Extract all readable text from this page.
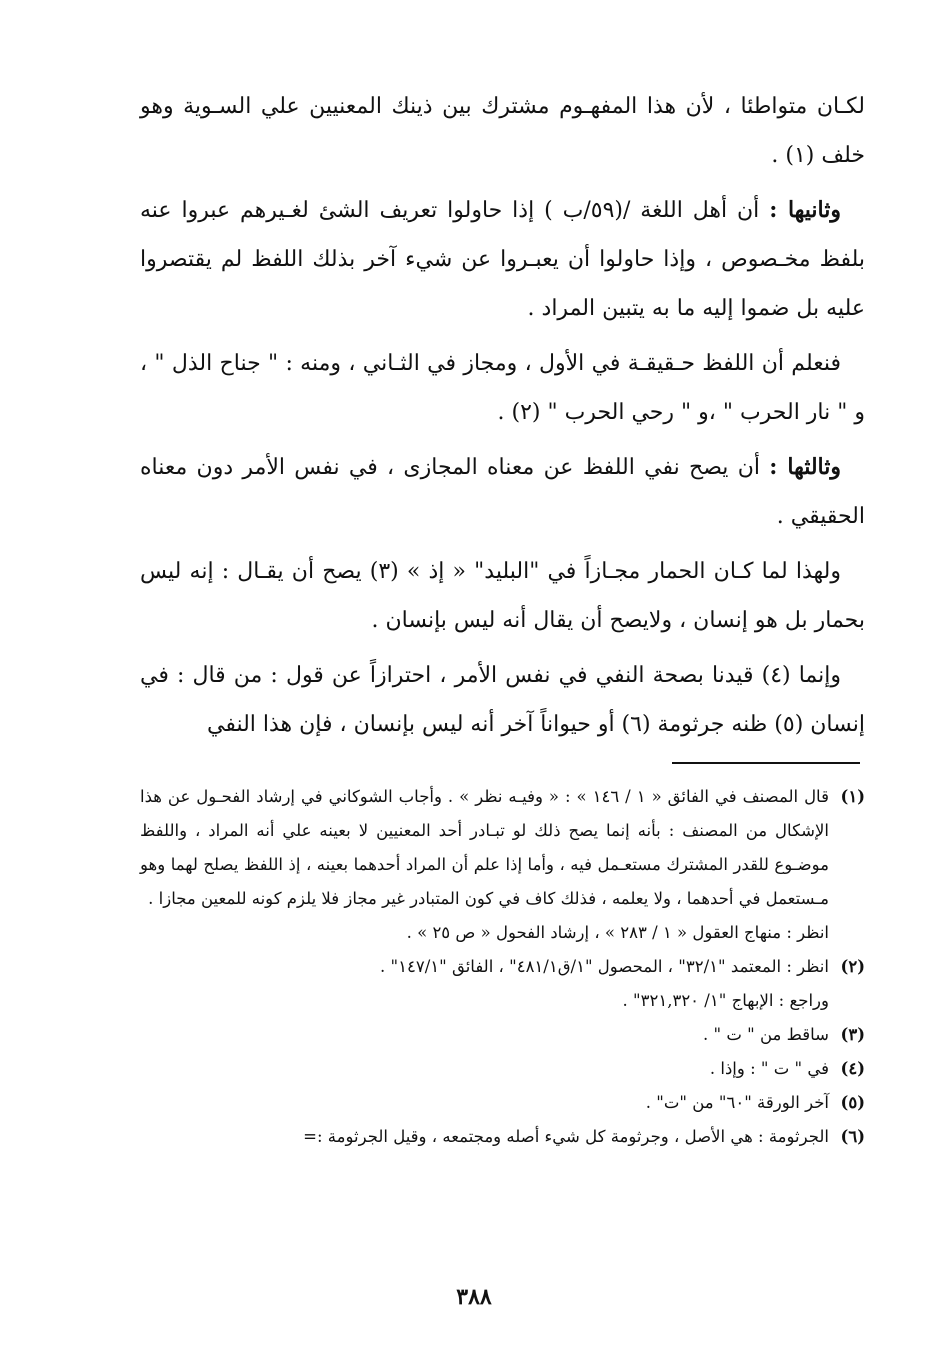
لكـان متواطئا ، لأن هذا المفهـوم مشترك بين ذينك المعنيين علي السـوية وهو خلف (١) .

وثانيها : أن أهل اللغة /(٥٩/ب ) إذا حاولوا تعريف الشئ لغـيرهم عبروا عنه بلفظ مخـصوص ، وإذا حاولوا أن يعبـروا عن شيء آخر بذلك اللفظ لم يقتصروا عليه بل ضموا إليه ما به يتبين المراد .

فنعلم أن اللفظ حـقيقـة في الأول ، ومجاز في الثـاني ، ومنه : " جناح الذل " ، و " نار الحرب " ،و " رحي الحرب " (٢) .

وثالثها : أن يصح نفي اللفظ عن معناه المجازى ، في نفس الأمر دون معناه الحقيقي .

ولهذا لما كـان الحمار مجـازاً في "البليد" « إذ » (٣) يصح أن يقـال : إنه ليس بحمار بل هو إنسان ، ولايصح أن يقال أنه ليس بإنسان .

وإنما (٤) قيدنا بصحة النفي في نفس الأمر ، احترازاً عن قول : من قال : في إنسان (٥) ظنه جرثومة (٦) أو حيواناً آخر أنه ليس بإنسان ، فإن هذا النفي

(١)
قال المصنف في الفائق « ١ / ١٤٦ » : « وفيـه نظر » . وأجاب الشوكاني في إرشاد الفحـول عن هذا الإشكال من المصنف : بأنه إنما يصح ذلك لو تبـادر أحد المعنيين لا بعينه علي أنه المراد ، واللفظ موضـوع للقدر المشترك مستعـمل فيه ، وأما إذا علم أن المراد أحدهما بعينه ، إذ اللفظ يصلح لهما وهو مـستعمل في أحدهما ، ولا يعلمه ، فذلك كاف في كون المتبادر غير مجاز فلا يلزم كونه للمعين مجازا .

انظر : منهاج العقول « ١ / ٢٨٣ » ، إرشاد الفحول « ص ٢٥ » .

(٢)
انظر : المعتمد "٣٢/١" ، المحصول "١/ق٤٨١/١" ، الفائق "١٤٧/١" .

وراجع : الإبهاج "١/ ٣٢١,٣٢٠" .

(٣)
ساقط من " ت " .

(٤)
في " ت " : وإذا .

(٥)
آخر الورقة "٦٠" من "ت" .

(٦)
الجرثومة : هي الأصل ، وجرثومة كل شيء أصله ومجتمعه ، وقيل الجرثومة :=

٣٨٨
